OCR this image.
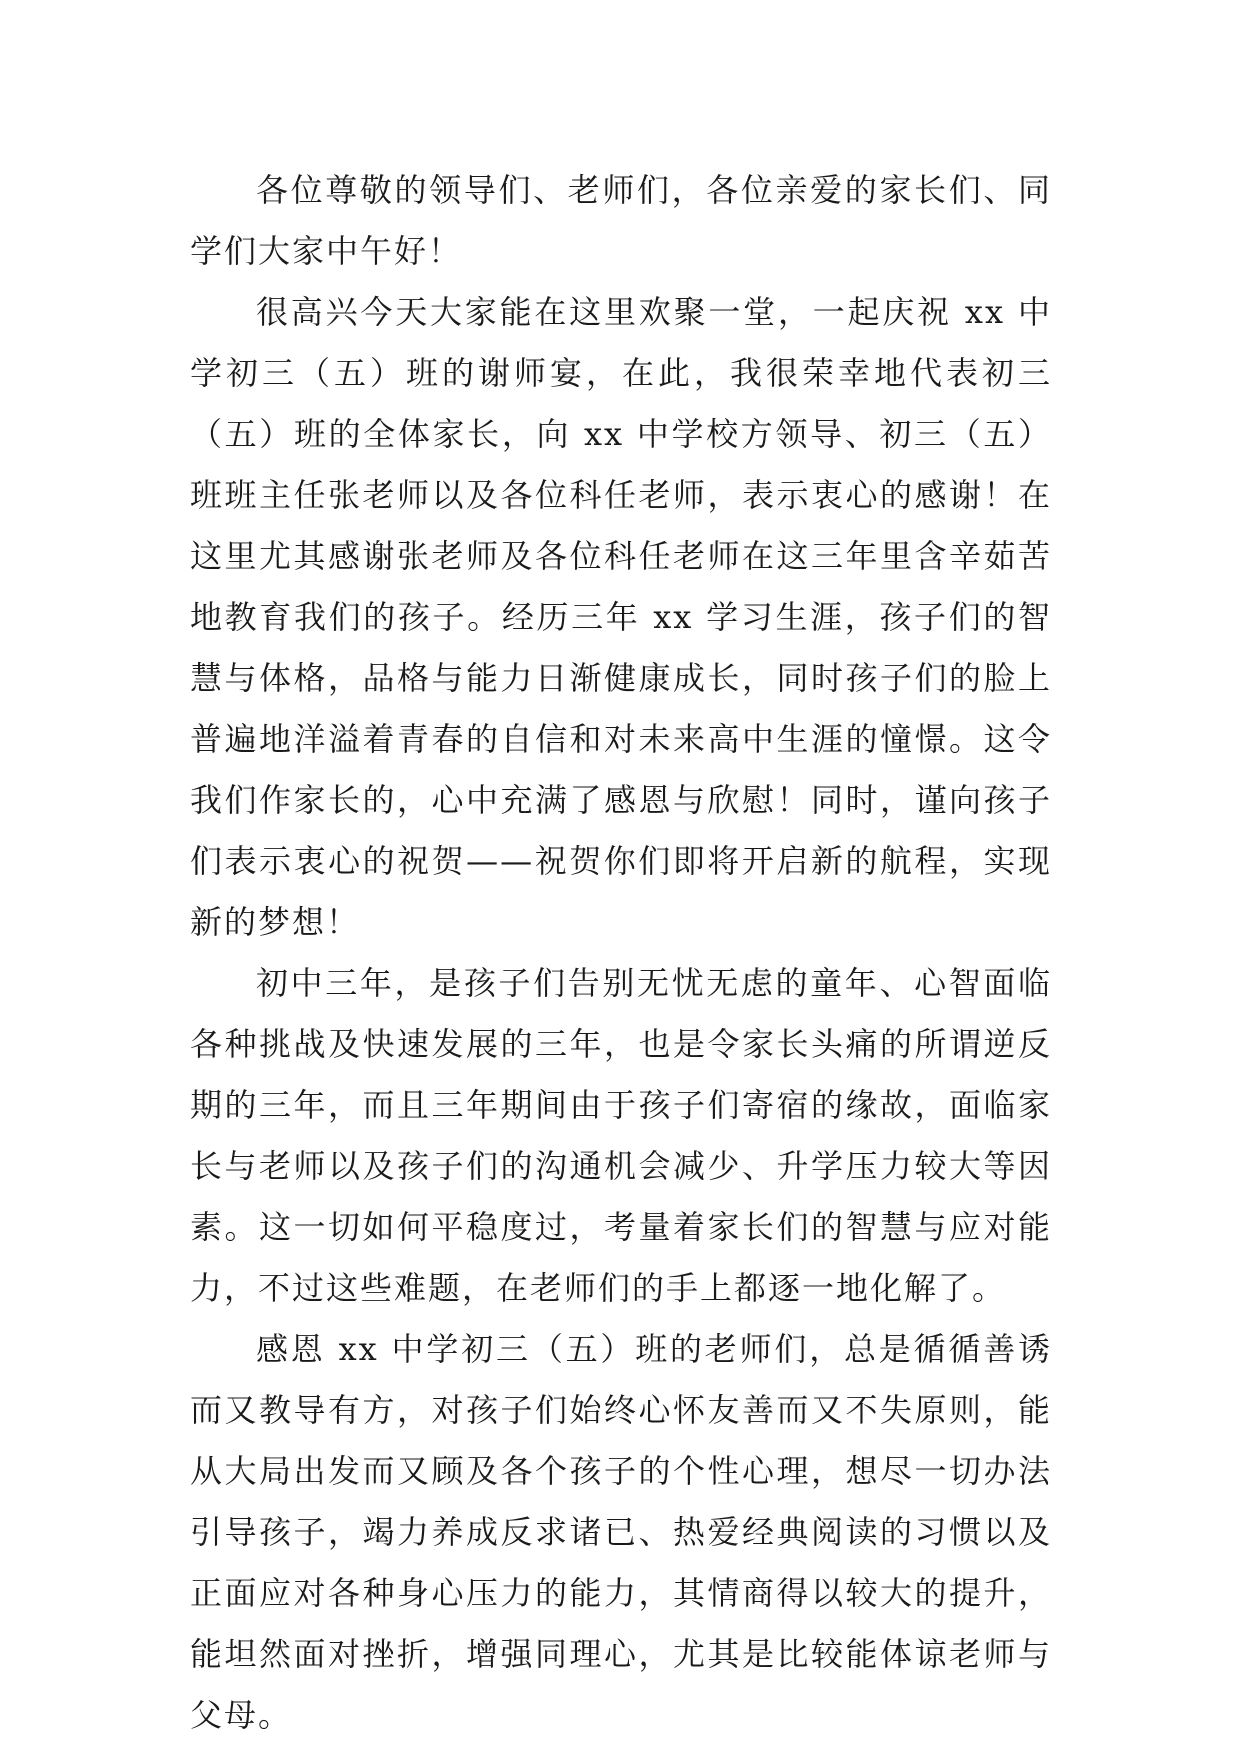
各位尊敬的领导们、老师们，各位亲爱的家长们、同学们大家中午好！

很高兴今天大家能在这里欢聚一堂，一起庆祝 xx 中学初三（五）班的谢师宴，在此，我很荣幸地代表初三（五）班的全体家长，向 xx 中学校方领导、初三（五）班班主任张老师以及各位科任老师，表示衷心的感谢！在这里尤其感谢张老师及各位科任老师在这三年里含辛茹苦地教育我们的孩子。经历三年 xx 学习生涯，孩子们的智慧与体格，品格与能力日渐健康成长，同时孩子们的脸上普遍地洋溢着青春的自信和对未来高中生涯的憧憬。这令我们作家长的，心中充满了感恩与欣慰！同时，谨向孩子们表示衷心的祝贺——祝贺你们即将开启新的航程，实现新的梦想！

初中三年，是孩子们告别无忧无虑的童年、心智面临各种挑战及快速发展的三年，也是令家长头痛的所谓逆反期的三年，而且三年期间由于孩子们寄宿的缘故，面临家长与老师以及孩子们的沟通机会减少、升学压力较大等因素。这一切如何平稳度过，考量着家长们的智慧与应对能力，不过这些难题，在老师们的手上都逐一地化解了。

感恩 xx 中学初三（五）班的老师们，总是循循善诱而又教导有方，对孩子们始终心怀友善而又不失原则，能从大局出发而又顾及各个孩子的个性心理，想尽一切办法引导孩子，竭力养成反求诸已、热爱经典阅读的习惯以及正面应对各种身心压力的能力，其情商得以较大的提升，能坦然面对挫折，增强同理心，尤其是比较能体谅老师与父母。
